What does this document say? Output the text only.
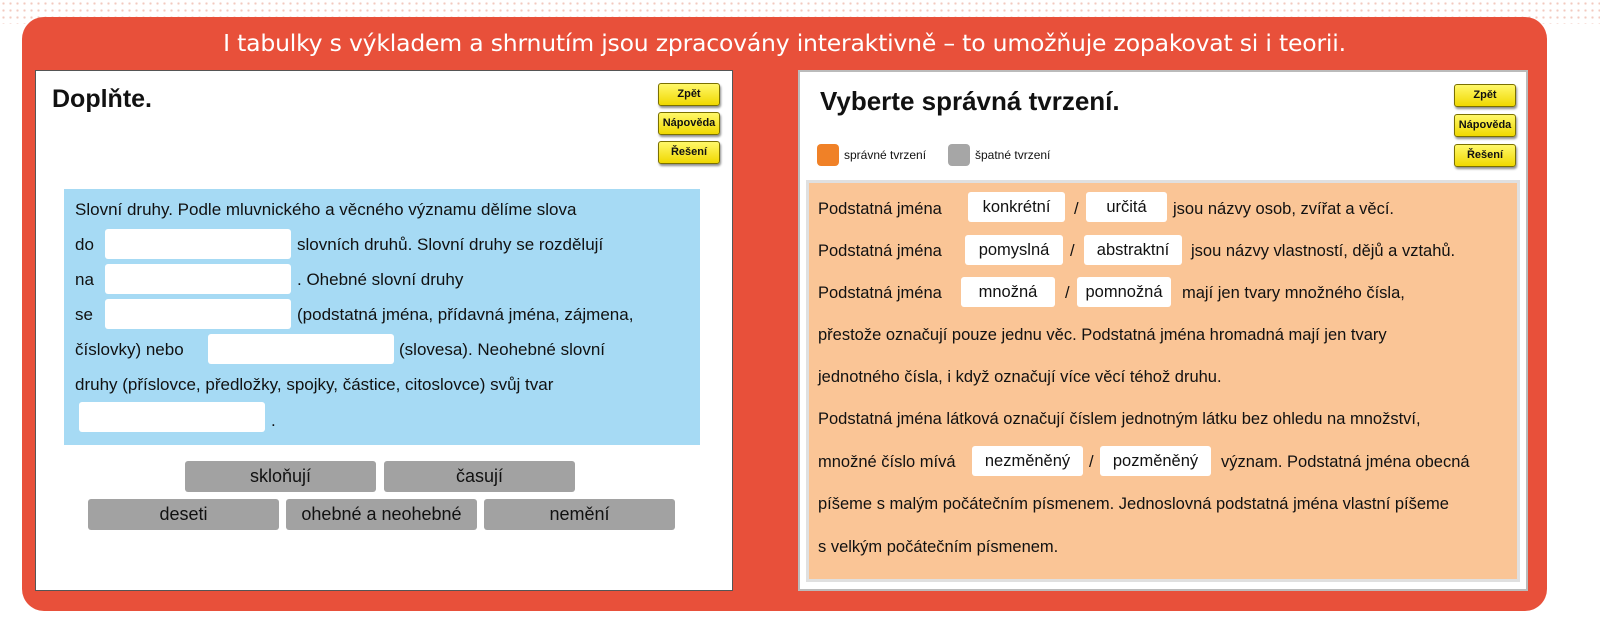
I tabulky s výkladem a shrnutím jsou zpracovány interaktivně – to umožňuje zopakovat si i teorii.
Doplňte.	Zpět
Nápověda
Řešení
Slovní druhy. Podle mluvnického a věcného významu dělíme slova
do	slovních druhů. Slovní druhy se rozdělují
na	. Ohebné slovní druhy
se	(podstatná jména, přídavná jména, zájmena,
číslovky) nebo	(slovesa). Neohebné slovní
druhy (příslovce, předložky, spojky, částice, citoslovce) svůj tvar
.
skloňují	časují
deseti	ohebné a neohebné	nemění
Vyberte správná tvrzení.	Zpět
Nápověda
Řešení
správné tvrzení	špatné tvrzení
Podstatná jména	konkrétní	/	určitá	jsou názvy osob, zvířat a věcí.
Podstatná jména	pomyslná	/	abstraktní	jsou názvy vlastností, dějů a vztahů.
Podstatná jména	množná	/ pomnožná	mají jen tvary množného čísla,
přestože označují pouze jednu věc. Podstatná jména hromadná mají jen tvary
jednotného čísla, i když označují více věcí téhož druhu.
Podstatná jména látková označují číslem jednotným látku bez ohledu na množství,
množné číslo mívá	nezměněný	/	pozměněný	význam. Podstatná jména obecná
píšeme s malým počátečním písmenem. Jednoslovná podstatná jména vlastní píšeme
s velkým počátečním písmenem.
